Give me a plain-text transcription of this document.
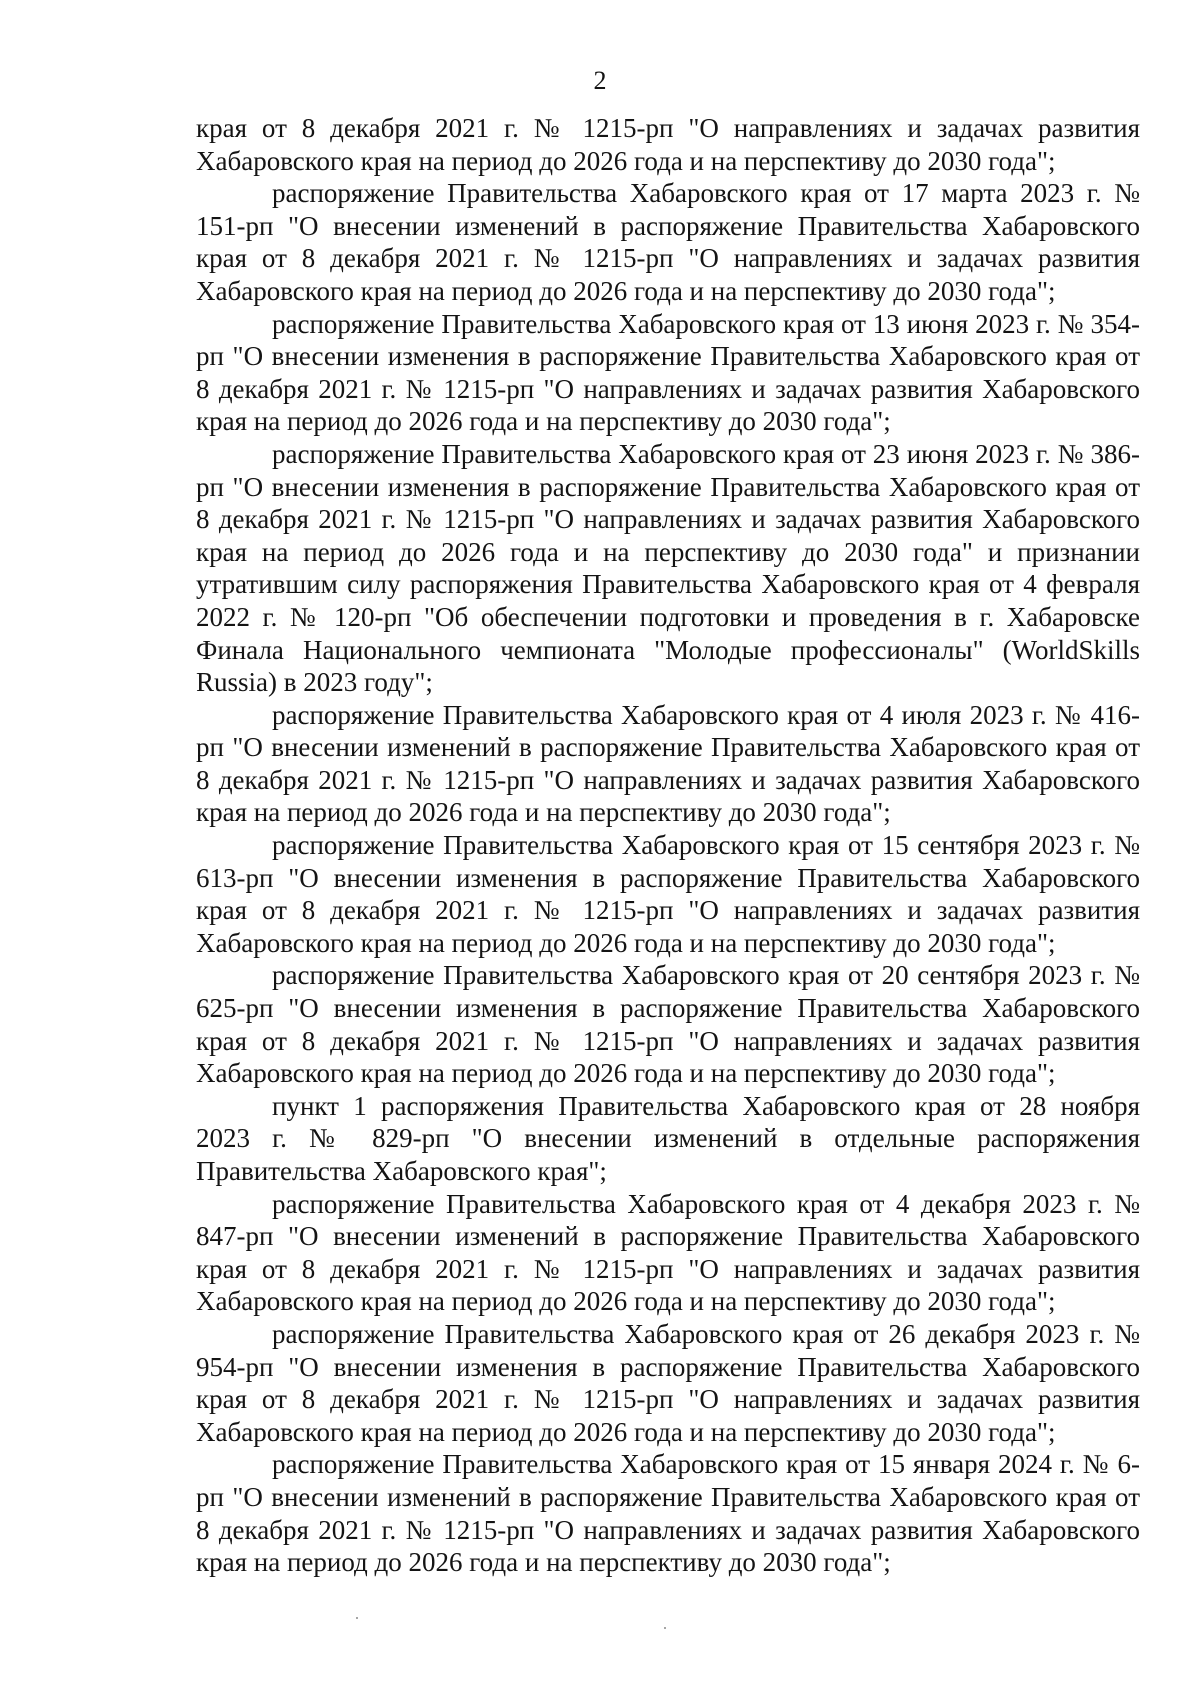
2

края от 8 декабря 2021 г. № 1215-рп "О направлениях и задачах развития Хабаровского края на период до 2026 года и на перспективу до 2030 года";

распоряжение Правительства Хабаровского края от 17 марта 2023 г. № 151-рп "О внесении изменений в распоряжение Правительства Хабаровского края от 8 декабря 2021 г. № 1215-рп "О направлениях и задачах развития Хабаровского края на период до 2026 года и на перспективу до 2030 года";

распоряжение Правительства Хабаровского края от 13 июня 2023 г. № 354-рп "О внесении изменения в распоряжение Правительства Хабаровского края от 8 декабря 2021 г. № 1215-рп "О направлениях и задачах развития Хабаровского края на период до 2026 года и на перспективу до 2030 года";

распоряжение Правительства Хабаровского края от 23 июня 2023 г. № 386-рп "О внесении изменения в распоряжение Правительства Хабаровского края от 8 декабря 2021 г. № 1215-рп "О направлениях и задачах развития Хабаровского края на период до 2026 года и на перспективу до 2030 года" и признании утратившим силу распоряжения Правительства Хабаровского края от 4 февраля 2022 г. № 120-рп "Об обеспечении подготовки и проведения в г. Хабаровске Финала Национального чемпионата "Молодые профессионалы" (WorldSkills Russia) в 2023 году";

распоряжение Правительства Хабаровского края от 4 июля 2023 г. № 416-рп "О внесении изменений в распоряжение Правительства Хабаровского края от 8 декабря 2021 г. № 1215-рп "О направлениях и задачах развития Хабаровского края на период до 2026 года и на перспективу до 2030 года";

распоряжение Правительства Хабаровского края от 15 сентября 2023 г. № 613-рп "О внесении изменения в распоряжение Правительства Хабаровского края от 8 декабря 2021 г. № 1215-рп "О направлениях и задачах развития Хабаровского края на период до 2026 года и на перспективу до 2030 года";

распоряжение Правительства Хабаровского края от 20 сентября 2023 г. № 625-рп "О внесении изменения в распоряжение Правительства Хабаровского края от 8 декабря 2021 г. № 1215-рп "О направлениях и задачах развития Хабаровского края на период до 2026 года и на перспективу до 2030 года";

пункт 1 распоряжения Правительства Хабаровского края от 28 ноября 2023 г. № 829-рп "О внесении изменений в отдельные распоряжения Правительства Хабаровского края";

распоряжение Правительства Хабаровского края от 4 декабря 2023 г. № 847-рп "О внесении изменений в распоряжение Правительства Хабаровского края от 8 декабря 2021 г. № 1215-рп "О направлениях и задачах развития Хабаровского края на период до 2026 года и на перспективу до 2030 года";

распоряжение Правительства Хабаровского края от 26 декабря 2023 г. № 954-рп "О внесении изменения в распоряжение Правительства Хабаровского края от 8 декабря 2021 г. № 1215-рп "О направлениях и задачах развития Хабаровского края на период до 2026 года и на перспективу до 2030 года";

распоряжение Правительства Хабаровского края от 15 января 2024 г. № 6-рп "О внесении изменений в распоряжение Правительства Хабаровского края от 8 декабря 2021 г. № 1215-рп "О направлениях и задачах развития Хабаровского края на период до 2026 года и на перспективу до 2030 года";
